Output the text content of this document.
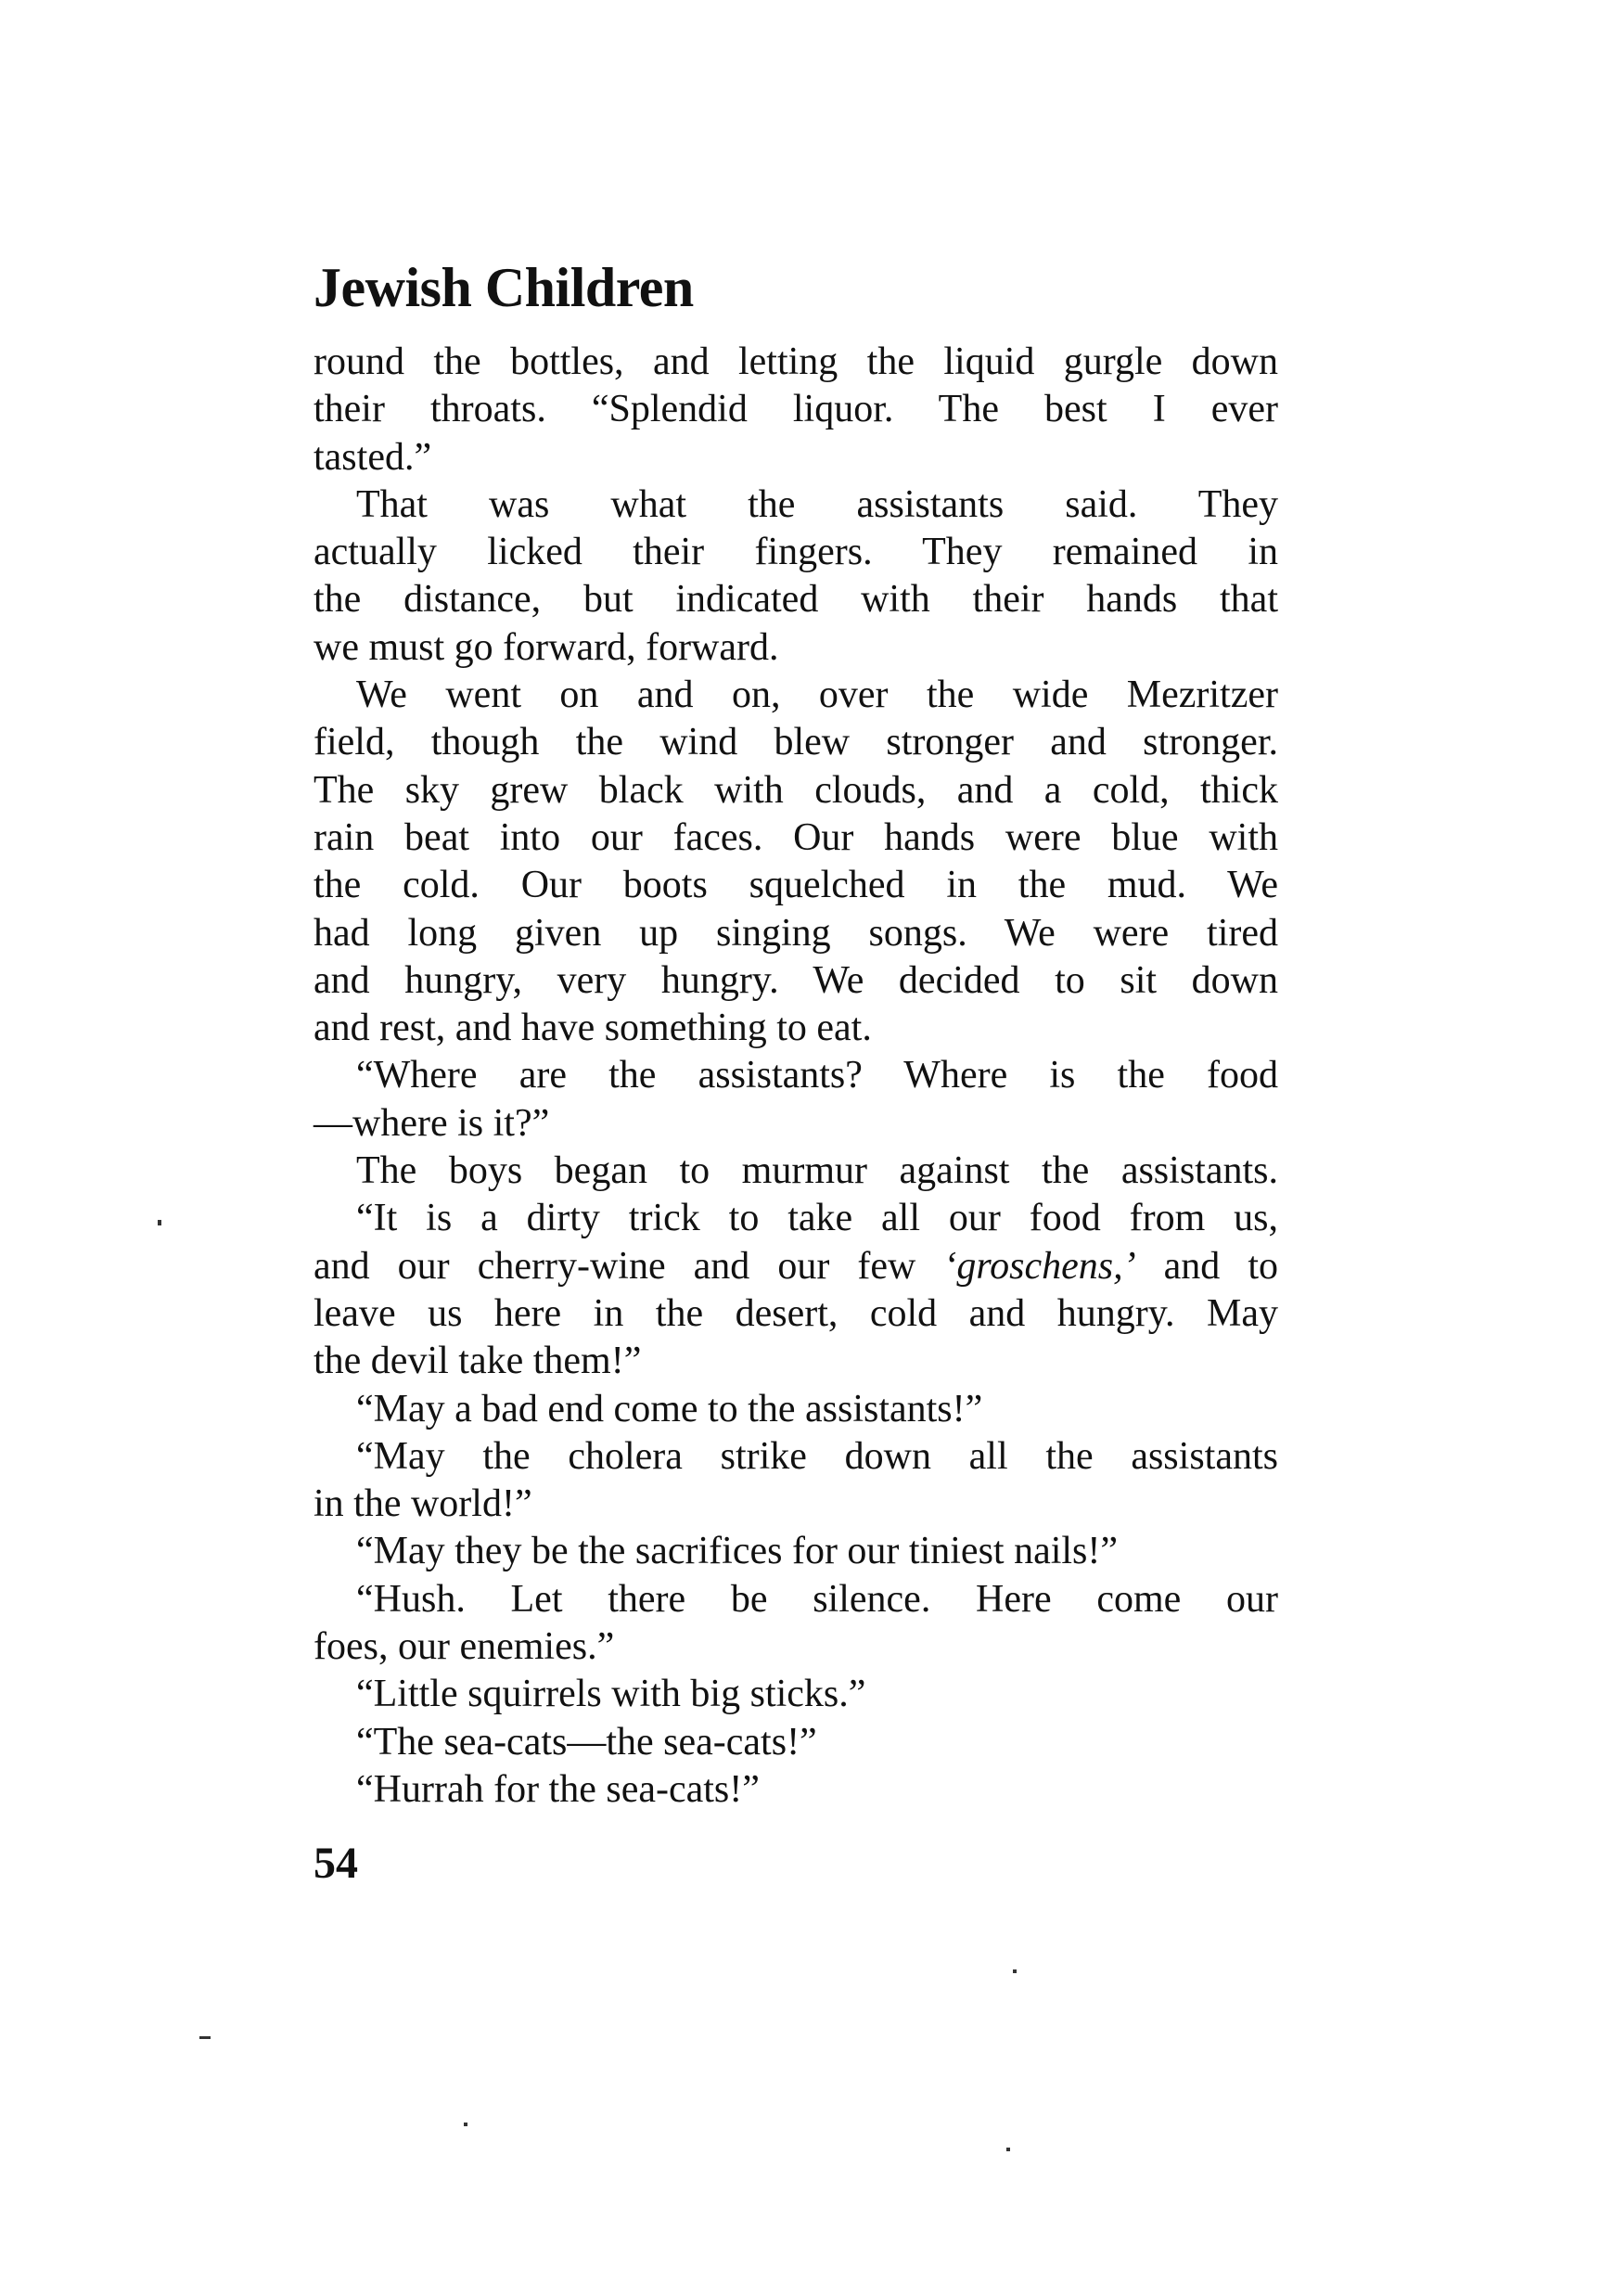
Jewish Children
round the bottles, and letting the liquid gurgle down
their throats. “Splendid liquor. The best I ever
tasted.”
That was what the assistants said. They
actually licked their fingers. They remained in
the distance, but indicated with their hands that
we must go forward, forward.
We went on and on, over the wide Mezritzer
field, though the wind blew stronger and stronger.
The sky grew black with clouds, and a cold, thick
rain beat into our faces. Our hands were blue with
the cold. Our boots squelched in the mud. We
had long given up singing songs. We were tired
and hungry, very hungry. We decided to sit down
and rest, and have something to eat.
“Where are the assistants? Where is the food
—where is it?”
The boys began to murmur against the assistants.
“It is a dirty trick to take all our food from us,
and our cherry-wine and our few ‘groschens,’ and to
leave us here in the desert, cold and hungry. May
the devil take them!”
“May a bad end come to the assistants!”
“May the cholera strike down all the assistants
in the world!”
“May they be the sacrifices for our tiniest nails!”
“Hush. Let there be silence. Here come our
foes, our enemies.”
“Little squirrels with big sticks.”
“The sea-cats—the sea-cats!”
“Hurrah for the sea-cats!”
54
